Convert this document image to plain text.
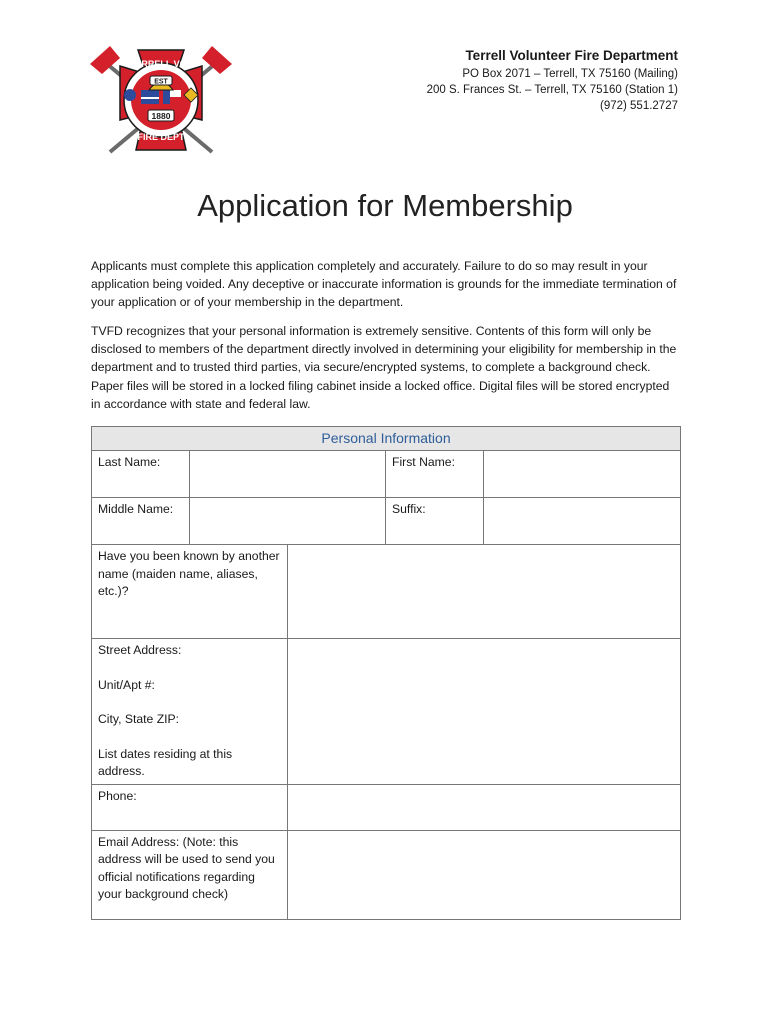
EST
TERRELL VOL
1880
FIRE DEPT
Terrell Volunteer Fire Department
PO Box 2071 – Terrell, TX 75160 (Mailing)
200 S. Frances St. – Terrell, TX 75160 (Station 1)
(972) 551.2727
Application for Membership

Applicants must complete this application completely and accurately. Failure to do so may result in your application being voided. Any deceptive or inaccurate information is grounds for the immediate termination of your application or of your membership in the department.

TVFD recognizes that your personal information is extremely sensitive. Contents of this form will only be disclosed to members of the department directly involved in determining your eligibility for membership in the department and to trusted third parties, via secure/encrypted systems, to complete a background check. Paper files will be stored in a locked filing cabinet inside a locked office. Digital files will be stored encrypted in accordance with state and federal law.

Personal Information				
Last Name:			First Name:	
Middle Name:			Suffix:	
Have you been known by another name (maiden name, aliases, etc.)?				

Street Address:
Unit/Apt #:
City, State ZIP:
List dates residing at this address.				

Phone:				
Email Address: (Note: this address will be used to send you official notifications regarding your background check)				
